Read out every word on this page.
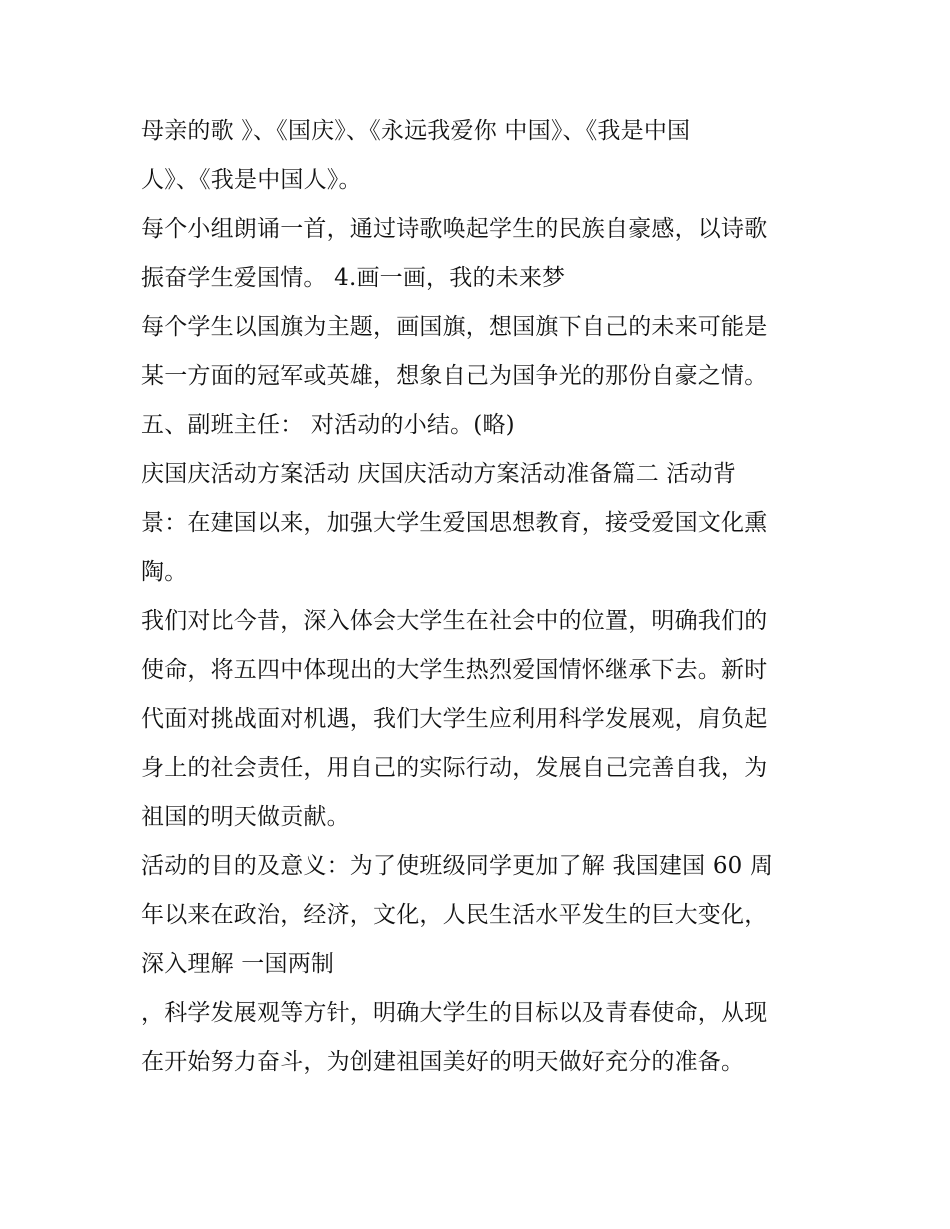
母亲的歌 》、《国庆》、《永远我爱你 中国》、《我是中国
人》、《我是中国人》。
每个小组朗诵一首，通过诗歌唤起学生的民族自豪感，以诗歌
振奋学生爱国情。 4.画一画，我的未来梦
每个学生以国旗为主题，画国旗，想国旗下自己的未来可能是
某一方面的冠军或英雄，想象自己为国争光的那份自豪之情。
五、副班主任： 对活动的小结。(略)
庆国庆活动方案活动 庆国庆活动方案活动准备篇二 活动背
景：在建国以来，加强大学生爱国思想教育，接受爱国文化熏
陶。
我们对比今昔，深入体会大学生在社会中的位置，明确我们的
使命，将五四中体现出的大学生热烈爱国情怀继承下去。新时
代面对挑战面对机遇，我们大学生应利用科学发展观，肩负起
身上的社会责任，用自己的实际行动，发展自己完善自我，为
祖国的明天做贡献。
活动的目的及意义：为了使班级同学更加了解 我国建国 60 周
年以来在政治，经济，文化，人民生活水平发生的巨大变化，
深入理解 一国两制
，科学发展观等方针，明确大学生的目标以及青春使命，从现
在开始努力奋斗，为创建祖国美好的明天做好充分的准备。
